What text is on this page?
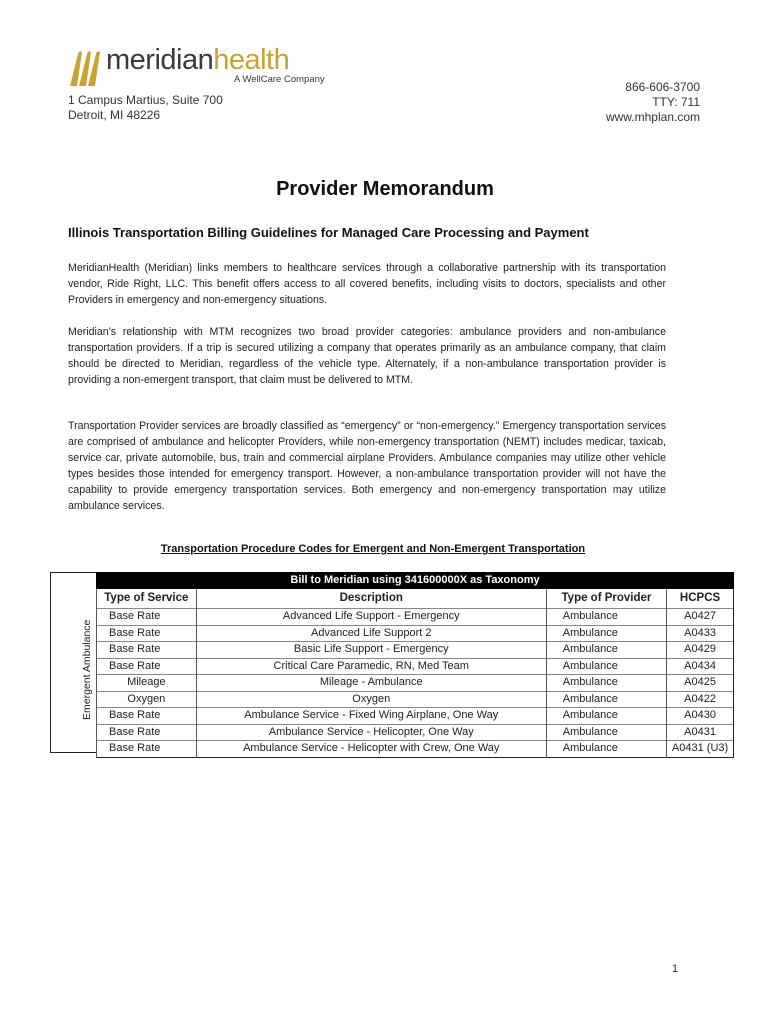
meridianhealth
A WellCare Company
1 Campus Martius, Suite 700
Detroit, MI 48226
866-606-3700
TTY: 711
www.mhplan.com
Provider Memorandum
Illinois Transportation Billing Guidelines for Managed Care Processing and Payment

MeridianHealth (Meridian) links members to healthcare services through a collaborative partnership with its transportation vendor, Ride Right, LLC. This benefit offers access to all covered benefits, including visits to doctors, specialists and other Providers in emergency and non-emergency situations.

Meridian’s relationship with MTM recognizes two broad provider categories: ambulance providers and non-ambulance transportation providers. If a trip is secured utilizing a company that operates primarily as an ambulance company, that claim should be directed to Meridian, regardless of the vehicle type. Alternately, if a non-ambulance transportation provider is providing a non-emergent transport, that claim must be delivered to MTM.

Transportation Provider services are broadly classified as “emergency” or “non-emergency.” Emergency transportation services are comprised of ambulance and helicopter Providers, while non-emergency transportation (NEMT) includes medicar, taxicab, service car, private automobile, bus, train and commercial airplane Providers. Ambulance companies may utilize other vehicle types besides those intended for emergency transport. However, a non-ambulance transportation provider will not have the capability to provide emergency transportation services. Both emergency and non-emergency transportation may utilize ambulance services.

Transportation Procedure Codes for Emergent and Non-Emergent Transportation
Emergent Ambulance
Bill to Meridian using 341600000X as Taxonomy
Type of Service	Description	Type of Provider	HCPCS
Base Rate	Advanced Life Support - Emergency	Ambulance	A0427
Base Rate	Advanced Life Support 2	Ambulance	A0433
Base Rate	Basic Life Support - Emergency	Ambulance	A0429
Base Rate	Critical Care Paramedic, RN, Med Team	Ambulance	A0434
Mileage	Mileage - Ambulance	Ambulance	A0425
Oxygen	Oxygen	Ambulance	A0422
Base Rate	Ambulance Service - Fixed Wing Airplane, One Way	Ambulance	A0430
Base Rate	Ambulance Service - Helicopter, One Way	Ambulance	A0431
Base Rate	Ambulance Service - Helicopter with Crew, One Way	Ambulance	A0431 (U3)
1
